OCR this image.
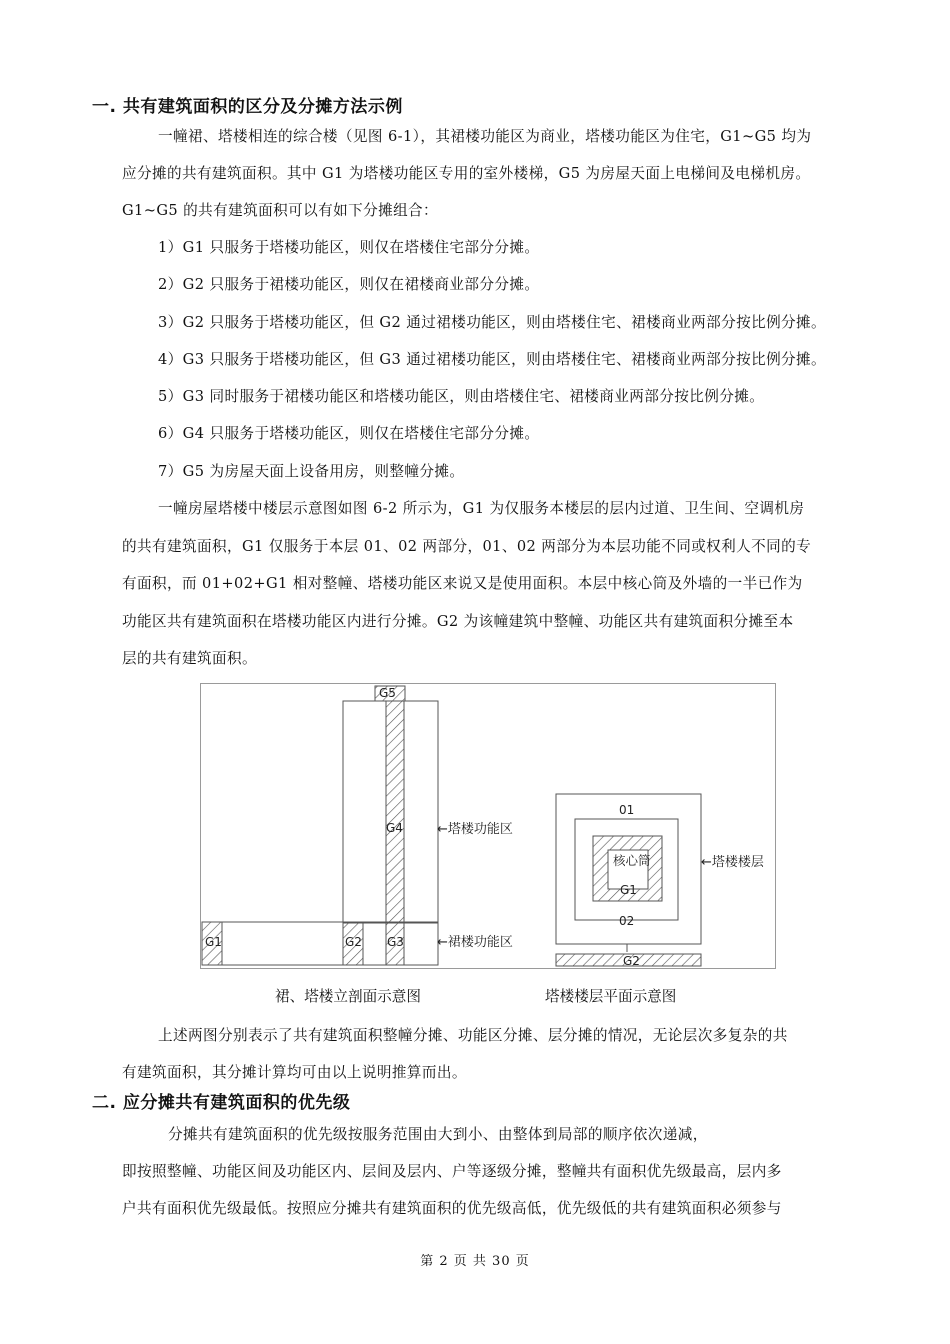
一. 共有建筑面积的区分及分摊方法示例
一幢裙、塔楼相连的综合楼（见图 6-1），其裙楼功能区为商业，塔楼功能区为住宅，G1~G5 均为
应分摊的共有建筑面积。其中 G1 为塔楼功能区专用的室外楼梯，G5 为房屋天面上电梯间及电梯机房。
G1~G5 的共有建筑面积可以有如下分摊组合：
1）G1 只服务于塔楼功能区，则仅在塔楼住宅部分分摊。
2）G2 只服务于裙楼功能区，则仅在裙楼商业部分分摊。
3）G2 只服务于塔楼功能区，但 G2 通过裙楼功能区，则由塔楼住宅、裙楼商业两部分按比例分摊。
4）G3 只服务于塔楼功能区，但 G3 通过裙楼功能区，则由塔楼住宅、裙楼商业两部分按比例分摊。
5）G3 同时服务于裙楼功能区和塔楼功能区，则由塔楼住宅、裙楼商业两部分按比例分摊。
6）G4 只服务于塔楼功能区，则仅在塔楼住宅部分分摊。
7）G5 为房屋天面上设备用房，则整幢分摊。
一幢房屋塔楼中楼层示意图如图 6-2 所示为，G1 为仅服务本楼层的层内过道、卫生间、空调机房
的共有建筑面积，G1 仅服务于本层 01、02 两部分，01、02 两部分为本层功能不同或权利人不同的专
有面积，而 01+02+G1 相对整幢、塔楼功能区来说又是使用面积。本层中核心筒及外墙的一半已作为
功能区共有建筑面积在塔楼功能区内进行分摊。G2 为该幢建筑中整幢、功能区共有建筑面积分摊至本
层的共有建筑面积。
G1	G2 G3
G4
G5
←塔楼功能区
←裙楼功能区
01
02
核心筒
G1
G2
←塔楼楼层
裙、塔楼立剖面示意图	塔楼楼层平面示意图
上述两图分别表示了共有建筑面积整幢分摊、功能区分摊、层分摊的情况，无论层次多复杂的共
有建筑面积，其分摊计算均可由以上说明推算而出。
二. 应分摊共有建筑面积的优先级
分摊共有建筑面积的优先级按服务范围由大到小、由整体到局部的顺序依次递减，
即按照整幢、功能区间及功能区内、层间及层内、户等逐级分摊，整幢共有面积优先级最高，层内多
户共有面积优先级最低。按照应分摊共有建筑面积的优先级高低，优先级低的共有建筑面积必须参与
第 2 页 共 30 页
